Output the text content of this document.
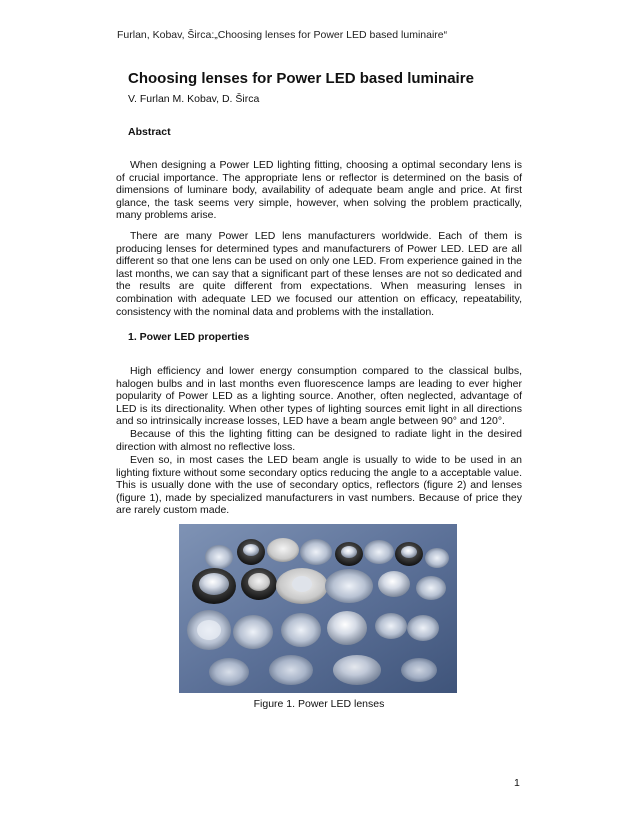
Furlan, Kobav, Širca:„Choosing lenses for Power LED based luminaire“
Choosing lenses for Power LED based luminaire
V. Furlan M. Kobav, D. Širca
Abstract

When designing a Power LED lighting fitting, choosing a optimal secondary lens is of crucial importance. The appropriate lens or reflector is determined on the basis of dimensions of luminare body, availability of adequate beam angle and price. At first glance, the task seems very simple, however, when solving the problem practically, many problems arise.

There are many Power LED lens manufacturers worldwide. Each of them is producing lenses for determined types and manufacturers of Power LED. LED are all different so that one lens can be used on only one LED. From experience gained in the last months, we can say that a significant part of these lenses are not so dedicated and the results are quite different from expectations. When measuring lenses in combination with adequate LED we focused our attention on efficacy, repeatability, consistency with the nominal data and problems with the installation.

1. Power LED properties

High efficiency and lower energy consumption compared to the classical bulbs, halogen bulbs and in last months even fluorescence lamps are leading to ever higher popularity of Power LED as a lighting source. Another, often neglected, advantage of LED is its directionality. When other types of lighting sources emit light in all directions and so intrinsically increase losses, LED have a beam angle between 90° and 120°.

Because of this the lighting fitting can be designed to radiate light in the desired direction with almost no reflective loss.

Even so, in most cases the LED beam angle is usually to wide to be used in an lighting fixture without some secondary optics reducing the angle to a acceptable value. This is usually done with the use of secondary optics, reflectors (figure 2) and lenses (figure 1), made by specialized manufacturers in vast numbers. Because of price they are rarely custom made.

Figure 1. Power LED lenses
1
